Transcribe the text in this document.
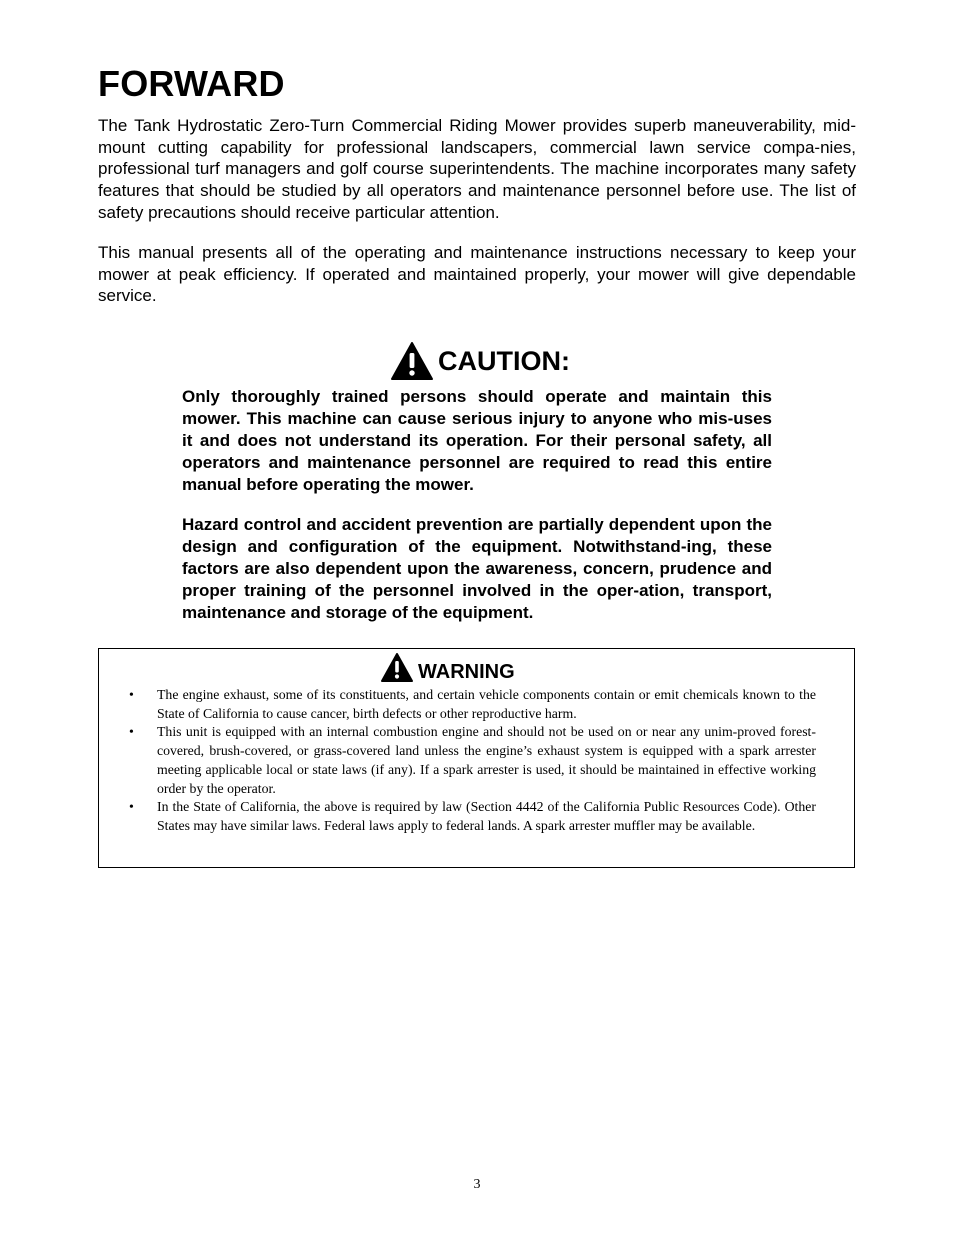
FORWARD

The Tank Hydrostatic Zero-Turn Commercial Riding Mower provides superb maneuverability, mid-mount cutting capability for professional landscapers, commercial lawn service compa-nies, professional turf managers and golf course superintendents. The machine incorporates many safety features that should be studied by all operators and maintenance personnel before use. The list of safety precautions should receive particular attention.

This manual presents all of the operating and maintenance instructions necessary to keep your mower at peak efficiency. If operated and maintained properly, your mower will give dependable service.

CAUTION:

Only thoroughly trained persons should operate and maintain this mower. This machine can cause serious injury to anyone who mis-uses it and does not understand its operation. For their personal safety, all operators and maintenance personnel are required to read this entire manual before operating the mower.

Hazard control and accident prevention are partially dependent upon the design and configuration of the equipment. Notwithstand-ing, these factors are also dependent upon the awareness, concern, prudence and proper training of the personnel involved in the oper-ation, transport, maintenance and storage of the equipment.

WARNING
• The engine exhaust, some of its constituents, and certain vehicle components contain or emit chemicals known to the State of California to cause cancer, birth defects or other reproductive harm.
• This unit is equipped with an internal combustion engine and should not be used on or near any unim-proved forest-covered, brush-covered, or grass-covered land unless the engine’s exhaust system is equipped with a spark arrester meeting applicable local or state laws (if any). If a spark arrester is used, it should be maintained in effective working order by the operator.
• In the State of California, the above is required by law (Section 4442 of the California Public Resources Code). Other States may have similar laws. Federal laws apply to federal lands. A spark arrester muffler may be available.
3
